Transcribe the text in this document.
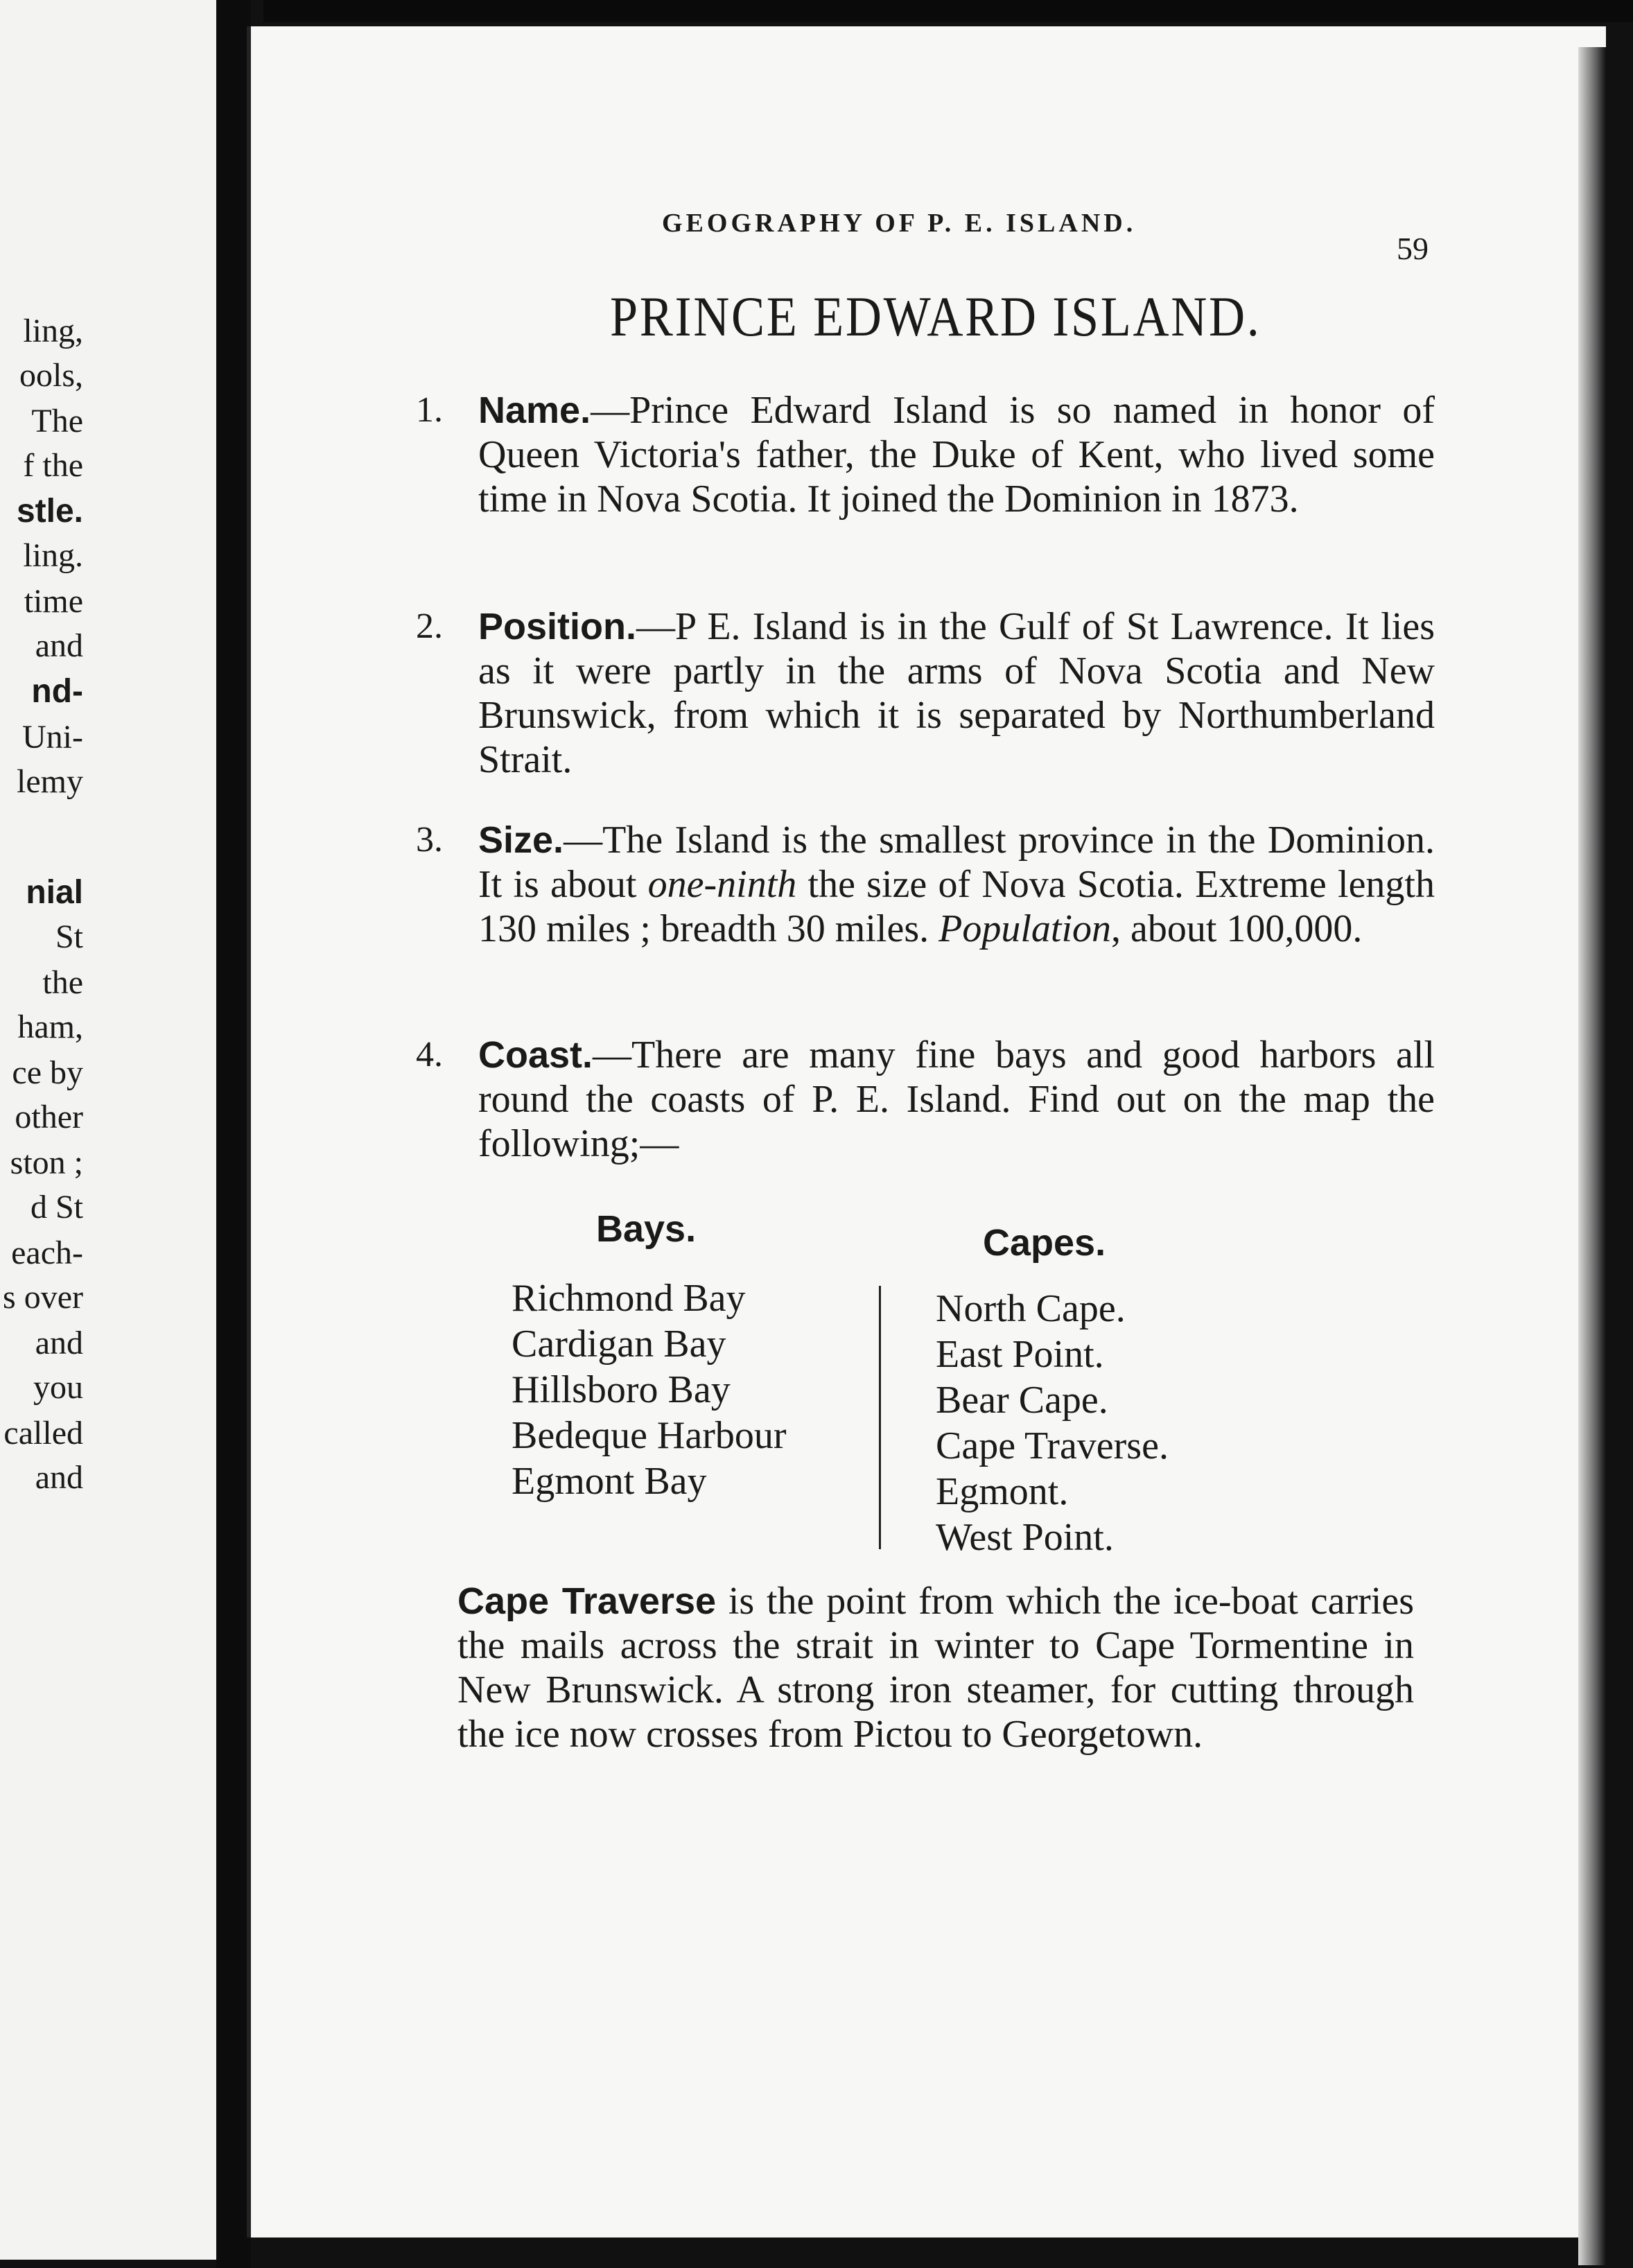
ling,
ools,
The
f the
stle.
ling.
time
and
nd-
Uni-
lemy
nial
St
the
ham,
ce by
other
ston ;
d St
each-
s over
and
you
called
and
GEOGRAPHY OF P. E. ISLAND.
59
PRINCE EDWARD ISLAND.
1. Name.—Prince Edward Island is so named in honor of Queen Victoria's father, the Duke of Kent, who lived some time in Nova Scotia. It joined the Dominion in 1873.

2. Position.—P E. Island is in the Gulf of St Lawrence. It lies as it were partly in the arms of Nova Scotia and New Brunswick, from which it is separated by Northumberland Strait.

3. Size.—The Island is the smallest province in the Dominion. It is about one-ninth the size of Nova Scotia. Extreme length 130 miles ; breadth 30 miles. Population, about 100,000.

4. Coast.—There are many fine bays and good harbors all round the coasts of P. E. Island. Find out on the map the following;—

Bays.	Capes.
Richmond Bay
Cardigan Bay
Hillsboro Bay
Bedeque Harbour
Egmont Bay
North Cape.
East Point.
Bear Cape.
Cape Traverse.
Egmont.
West Point.
Cape Traverse is the point from which the ice-boat carries the mails across the strait in winter to Cape Tormentine in New Brunswick. A strong iron steamer, for cutting through the ice now crosses from Pictou to Georgetown.
